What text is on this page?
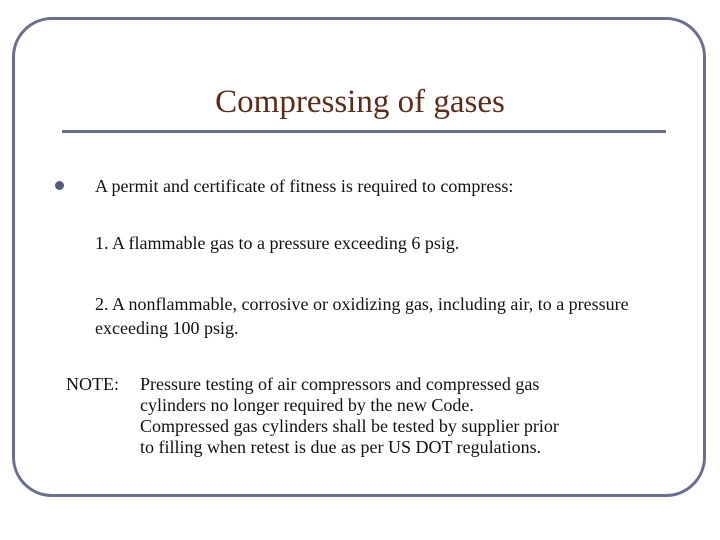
Compressing of gases

A permit and certificate of fitness is required to compress:

1. A flammable gas to a pressure exceeding 6 psig.

2. A nonflammable, corrosive or oxidizing gas, including air, to a pressure exceeding 100 psig.

NOTE: Pressure testing of air compressors and compressed gas
cylinders no longer required by the new Code.
Compressed gas cylinders shall be tested by supplier prior
to filling when retest is due as per US DOT regulations.
